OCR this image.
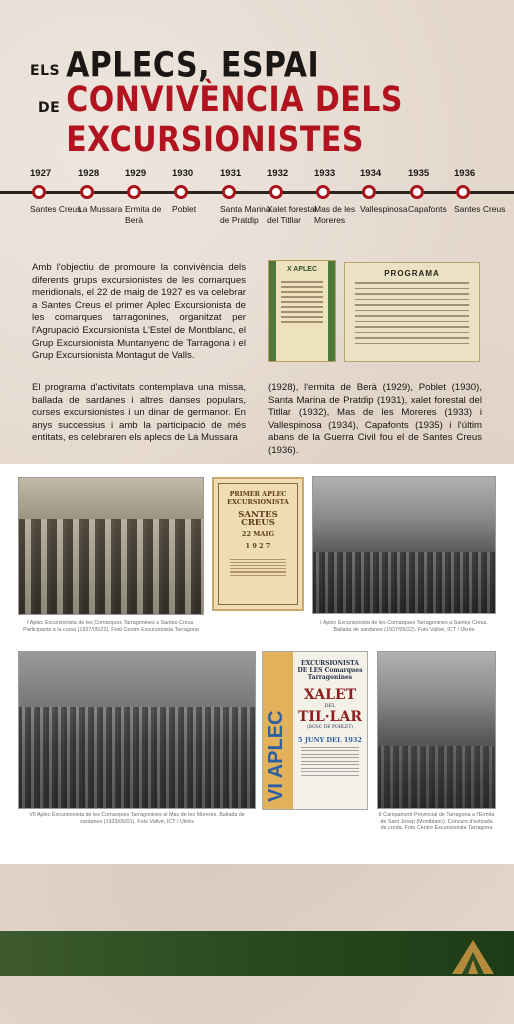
ELS APLECS, ESPAI
DE CONVIVÈNCIA DELS EXCURSIONISTES
1927
Santes Creus
1928
La Mussara
1929
Ermita de Berà
1930
Poblet
1931
Santa Marina de Pratdip
1932
Xalet forestal del Titllar
1933
Mas de les Moreres
1934
Vallespinosa
1935
Capafonts
1936
Santes Creus

Amb l'objectiu de promoure la convivència dels diferents grups excursionistes de les comarques meridionals, el 22 de maig de 1927 es va celebrar a Santes Creus el primer Aplec Excursionista de les comarques tarragonines, organitzat per l'Agrupació Excursionista L'Estel de Montblanc, el Grup Excursionista Muntanyenc de Tarragona i el Grup Excursionista Montagut de Valls.

El programa d'activitats contemplava una missa, ballada de sardanes i altres danses populars, curses excursionistes i un dinar de germanor. En anys successius i amb la participació de més entitats, es celebraren els aplecs de La Mussara

(1928), l'ermita de Berà (1929), Poblet (1930), Santa Marina de Pratdip (1931), xalet forestal del Titllar (1932), Mas de les Moreres (1933) i Vallespinosa (1934), Capafonts (1935) i l'últim abans de la Guerra Civil fou el de Santes Creus (1936).

X APLEC	PROGRAMA
PRIMER APLEC
EXCURSIONISTA
SANTES CREUS
22 MAIG
1 9 2 7
I Aplec Excursionista de les Comarques Tarragonines a Santes Creus. Participants a la cursa (1927/05/22). Foto Centre Excursionista Tarragona
I Aplec Excursionista de les Comarques Tarragonines a Santes Creus. Ballada de sardanes (1927/05/22). Foto Vallvé, ICT / Ukrès
VI APLEC
EXCURSIONISTA DE LES Comarques Tarragonines
XALET
DEL
TIL·LAR
(BOSC DE POBLET)
5 JUNY DEL 1932
VII Aplec Excursionista de les Comarques Tarragonines al Mas de les Moreres. Ballada de sardanes (1933/05/01). Foto Vallvé, ICT / Ukrès
II Campament Provincial de Tarragona a l'Ermita de Sant Josep (Montblanc). Concurs d'estirada de corda. Foto Centre Excursionista Tarragona
